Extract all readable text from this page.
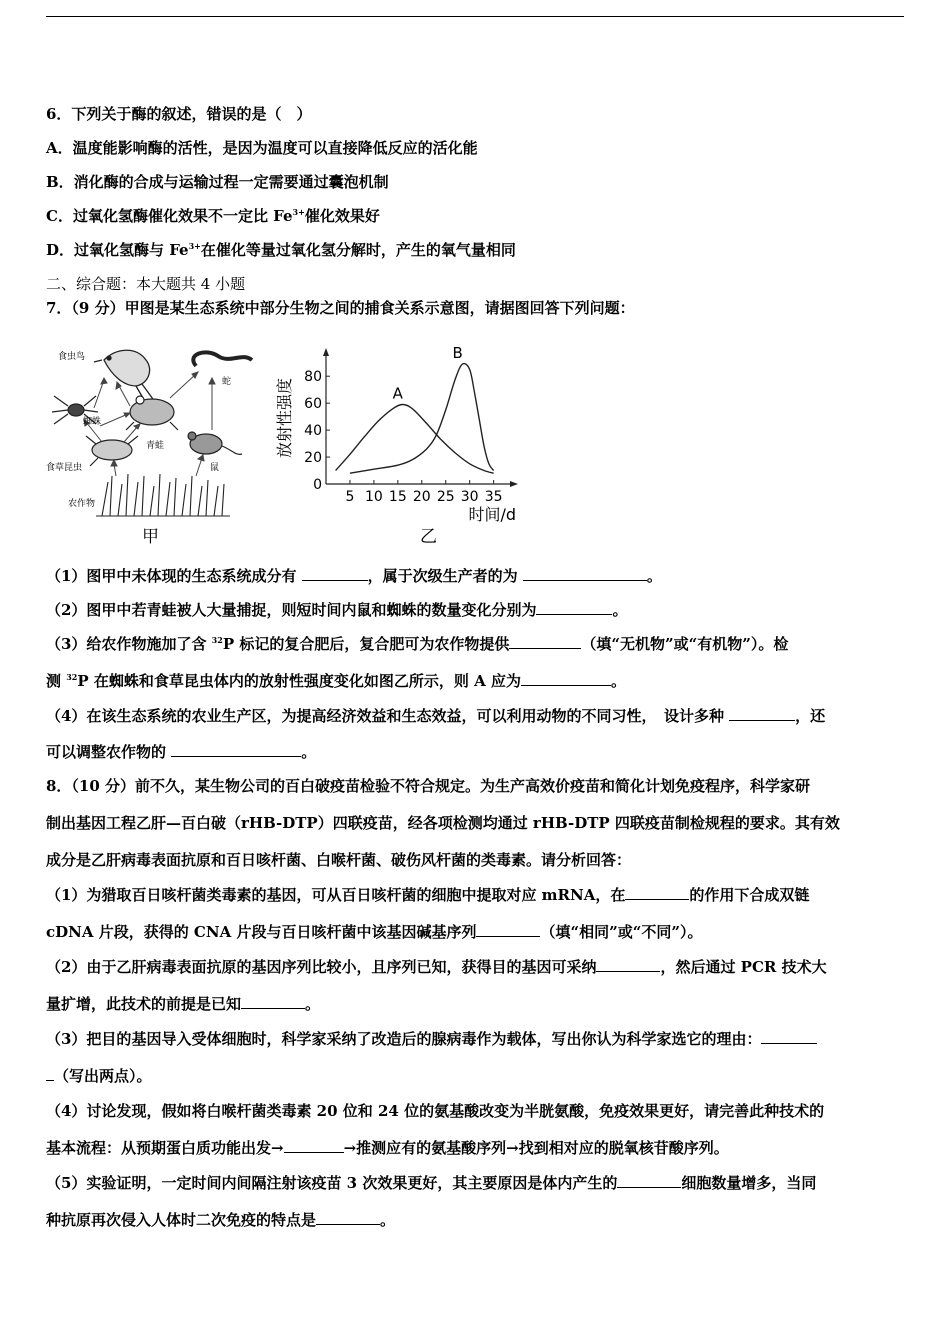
6．下列关于酶的叙述，错误的是（　）
A．温度能影响酶的活性，是因为温度可以直接降低反应的活化能
B．消化酶的合成与运输过程一定需要通过囊泡机制
C．过氧化氢酶催化效果不一定比 $Fe^{3+}$催化效果好
D．过氧化氢酶与 $Fe^{3+}$在催化等量过氧化氢分解时，产生的氧气量相同
二、综合题：本大题共 4 小题
7．（9 分）甲图是某生态系统中部分生物之间的捕食关系示意图，请据图回答下列问题：
食虫鸟
蜘蛛
食草昆虫
农作物
青蛙
蛇
鼠
甲
0
20
40
60
80
5 10 15 20 25 30 35
A
B
放射性强度
时间/d
乙
（1）图甲中未体现的生态系统成分有	，属于次级生产者的为	。
（2）图甲中若青蛙被人大量捕捉，则短时间内鼠和蜘蛛的数量变化分别为	。
（3）给农作物施加了含 $^{32}$P 标记的复合肥后，复合肥可为农作物提供	（填“无机物”或“有机物”）。检
测 $^{32}$P 在蜘蛛和食草昆虫体内的放射性强度变化如图乙所示，则 A 应为	。
（4）在该生态系统的农业生产区，为提高经济效益和生态效益，可以利用动物的不同习性，　设计多种	，还
可以调整农作物的	。
8．（10 分）前不久，某生物公司的百白破疫苗检验不符合规定。为生产高效价疫苗和简化计划免疫程序，科学家研
制出基因工程乙肝—百白破（rHB-DTP）四联疫苗，经各项检测均通过 rHB-DTP 四联疫苗制检规程的要求。其有效
成分是乙肝病毒表面抗原和百日咳杆菌、白喉杆菌、破伤风杆菌的类毒素。请分析回答：
（1）为猎取百日咳杆菌类毒素的基因，可从百日咳杆菌的细胞中提取对应 mRNA，在	的作用下合成双链
cDNA 片段，获得的 CNA 片段与百日咳杆菌中该基因碱基序列	（填“相同”或“不同”）。
（2）由于乙肝病毒表面抗原的基因序列比较小，且序列已知，获得目的基因可采纳	，然后通过 PCR 技术大
量扩增，此技术的前提是已知	。
（3）把目的基因导入受体细胞时，科学家采纳了改造后的腺病毒作为载体，写出你认为科学家选它的理由：
（写出两点）。
（4）讨论发现，假如将白喉杆菌类毒素 20 位和 24 位的氨基酸改变为半胱氨酸，免疫效果更好，请完善此种技术的
基本流程：从预期蛋白质功能出发→	→推测应有的氨基酸序列→找到相对应的脱氧核苷酸序列。
（5）实验证明，一定时间内间隔注射该疫苗 3 次效果更好，其主要原因是体内产生的	细胞数量增多，当同
种抗原再次侵入人体时二次免疫的特点是	。
